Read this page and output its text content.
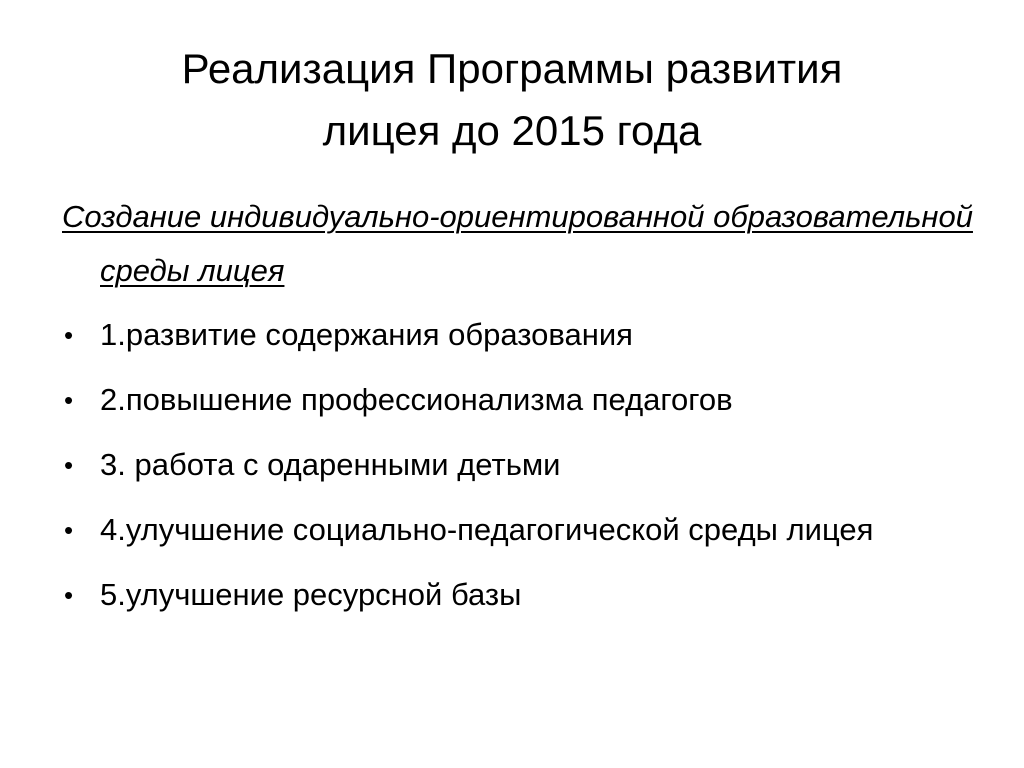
Реализация Программы развития
лицея до 2015 года

Создание индивидуально-ориентированной образовательной среды лицея

• 1.развитие содержания образования
• 2.повышение профессионализма педагогов
• 3. работа с одаренными детьми
• 4.улучшение социально-педагогической среды лицея
• 5.улучшение ресурсной базы
